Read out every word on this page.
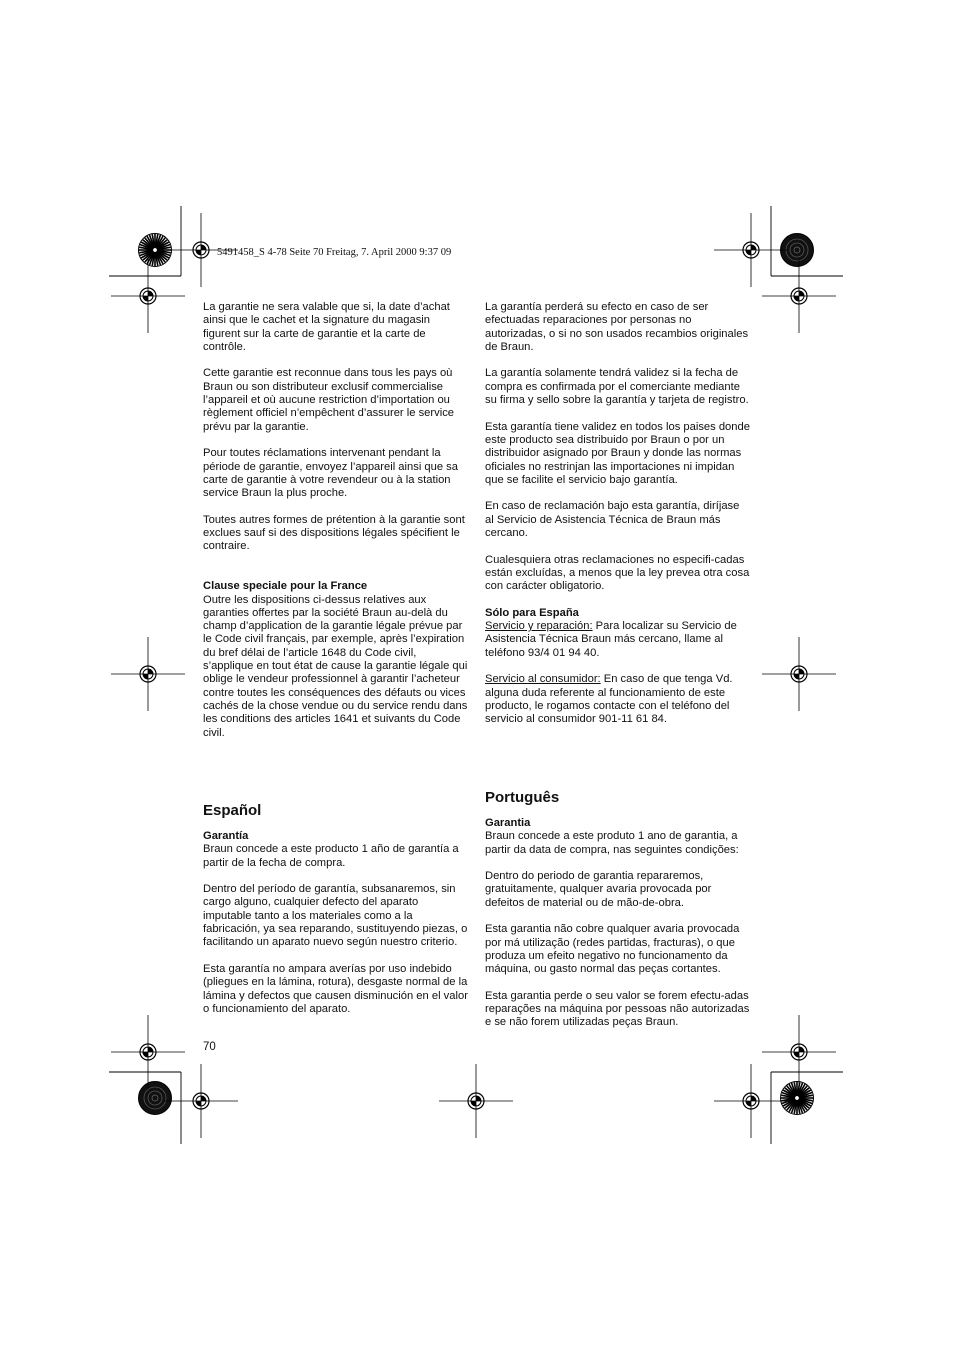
5491458_S 4-78 Seite 70 Freitag, 7. April 2000 9:37 09

La garantie ne sera valable que si, la date d’achat ainsi que le cachet et la signature du magasin figurent sur la carte de garantie et la carte de contrôle.

Cette garantie est reconnue dans tous les pays où Braun ou son distributeur exclusif commercialise l’appareil et où aucune restriction d’importation ou règlement officiel n’empêchent d’assurer le service prévu par la garantie.

Pour toutes réclamations intervenant pendant la période de garantie, envoyez l’appareil ainsi que sa carte de garantie à votre revendeur ou à la station service Braun la plus proche.

Toutes autres formes de prétention à la garantie sont exclues sauf si des dispositions légales spécifient le contraire.

Clause speciale pour la France

Outre les dispositions ci-dessus relatives aux garanties offertes par la société Braun au-delà du champ d’application de la garantie légale prévue par le Code civil français, par exemple, après l’expiration du bref délai de l’article 1648 du Code civil, s’applique en tout état de cause la garantie légale qui oblige le vendeur professionnel à garantir l’acheteur contre toutes les conséquences des défauts ou vices cachés de la chose vendue ou du service rendu dans les conditions des articles 1641 et suivants du Code civil.

La garantía perderá su efecto en caso de ser efectuadas reparaciones por personas no autorizadas, o si no son usados recambios originales de Braun.

La garantía solamente tendrá validez si la fecha de compra es confirmada por el comerciante mediante su firma y sello sobre la garantía y tarjeta de registro.

Esta garantía tiene validez en todos los paises donde este producto sea distribuido por Braun o por un distribuidor asignado por Braun y donde las normas oficiales no restrinjan las importaciones ni impidan que se facilite el servicio bajo garantía.

En caso de reclamación bajo esta garantía, diríjase al Servicio de Asistencia Técnica de Braun más cercano.

Cualesquiera otras reclamaciones no especifi-cadas están excluídas, a menos que la ley prevea otra cosa con carácter obligatorio.

Sólo para España

Servicio y reparación: Para localizar su Servicio de Asistencia Técnica Braun más cercano, llame al teléfono 93/4 01 94 40.

Servicio al consumidor: En caso de que tenga Vd. alguna duda referente al funcionamiento de este producto, le rogamos contacte con el teléfono del servicio al consumidor 901-11 61 84.

Español

Garantía

Braun concede a este producto 1 año de garantía a partir de la fecha de compra.

Dentro del período de garantía, subsanaremos, sin cargo alguno, cualquier defecto del aparato imputable tanto a los materiales como a la fabricación, ya sea reparando, sustituyendo piezas, o facilitando un aparato nuevo según nuestro criterio.

Esta garantía no ampara averías por uso indebido (pliegues en la lámina, rotura), desgaste normal de la lámina y defectos que causen disminución en el valor o funcionamiento del aparato.

Português

Garantia

Braun concede a este produto 1 ano de garantia, a partir da data de compra, nas seguintes condições:

Dentro do periodo de garantia repararemos, gratuitamente, qualquer avaria provocada por defeitos de material ou de mão-de-obra.

Esta garantia não cobre qualquer avaria provocada por má utilização (redes partidas, fracturas), o que produza um efeito negativo no funcionamento da máquina, ou gasto normal das peças cortantes.

Esta garantia perde o seu valor se forem efectu-adas reparações na máquina por pessoas não autorizadas e se não forem utilizadas peças Braun.

70
